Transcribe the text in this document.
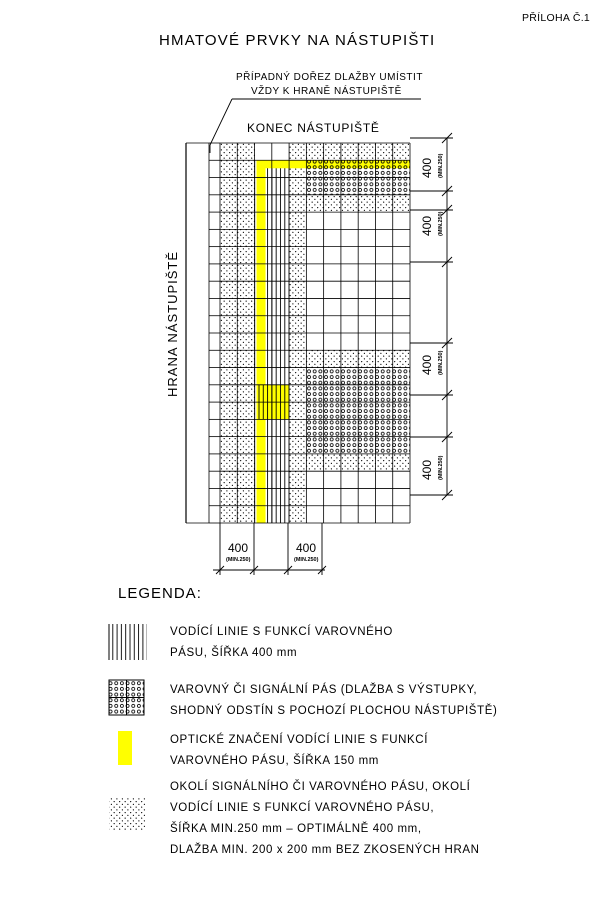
PŘÍLOHA Č.1
HMATOVÉ PRVKY NA NÁSTUPIŠTI
PŘÍPADNÝ DOŘEZ DLAŽBY UMÍSTIT
VŽDY K HRANĚ NÁSTUPIŠTĚ
KONEC NÁSTUPIŠTĚ
HRANA NÁSTUPIŠTĚ
400 (MIN.250)
400 (MIN.250)
400 (MIN.250)
400 (MIN.250)
400
(MIN.250)
400
(MIN.250)
LEGENDA:
VODÍCÍ LINIE S FUNKCÍ VAROVNÉHO
PÁSU, ŠÍŘKA 400 mm
VAROVNÝ ČI SIGNÁLNÍ PÁS (DLAŽBA S VÝSTUPKY,
SHODNÝ ODSTÍN S POCHOZÍ PLOCHOU NÁSTUPIŠTĚ)
OPTICKÉ ZNAČENÍ VODÍCÍ LINIE S FUNKCÍ
VAROVNÉHO PÁSU, ŠÍŘKA 150 mm
OKOLÍ SIGNÁLNÍHO ČI VAROVNÉHO PÁSU, OKOLÍ
VODÍCÍ LINIE S FUNKCÍ VAROVNÉHO PÁSU,
ŠÍŘKA MIN.250 mm – OPTIMÁLNĚ 400 mm,
DLAŽBA MIN. 200 x 200 mm BEZ ZKOSENÝCH HRAN
